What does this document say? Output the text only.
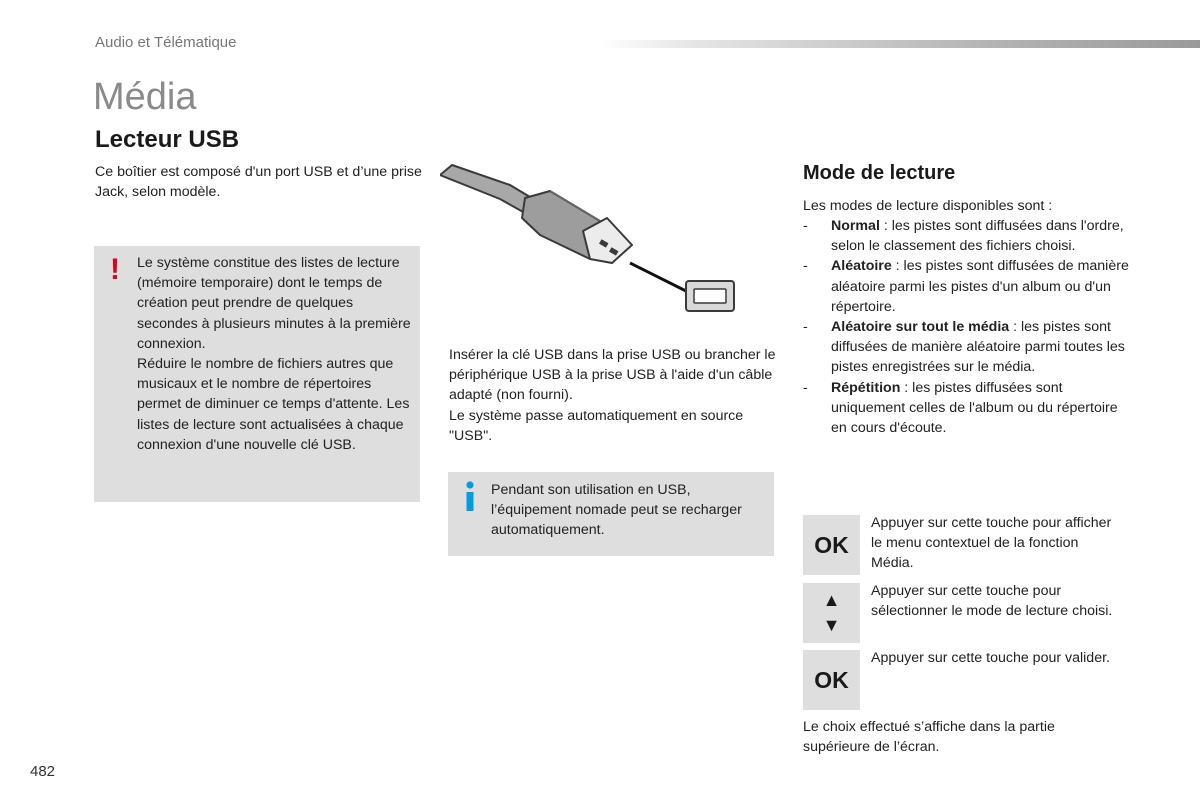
Audio et Télématique
Média
Lecteur USB
Ce boîtier est composé d'un port USB et d’une prise Jack, selon modèle.
! Le système constitue des listes de lecture (mémoire temporaire) dont le temps de création peut prendre de quelques secondes à plusieurs minutes à la première connexion.
Réduire le nombre de fichiers autres que musicaux et le nombre de répertoires permet de diminuer ce temps d'attente. Les listes de lecture sont actualisées à chaque connexion d'une nouvelle clé USB.
Insérer la clé USB dans la prise USB ou brancher le périphérique USB à la prise USB à l'aide d'un câble adapté (non fourni).
Le système passe automatiquement en source "USB".
Pendant son utilisation en USB, l’équipement nomade peut se recharger automatiquement.
Mode de lecture
Les modes de lecture disponibles sont :
- Normal : les pistes sont diffusées dans l'ordre, selon le classement des fichiers choisi.
- Aléatoire : les pistes sont diffusées de manière aléatoire parmi les pistes d'un album ou d'un répertoire.
- Aléatoire sur tout le média : les pistes sont diffusées de manière aléatoire parmi toutes les pistes enregistrées sur le média.
- Répétition : les pistes diffusées sont uniquement celles de l'album ou du répertoire en cours d'écoute.
OK
Appuyer sur cette touche pour afficher le menu contextuel de la fonction Média.
▲
▼
Appuyer sur cette touche pour sélectionner le mode de lecture choisi.
OK
Appuyer sur cette touche pour valider.
Le choix effectué s’affiche dans la partie supérieure de l’écran.
482
